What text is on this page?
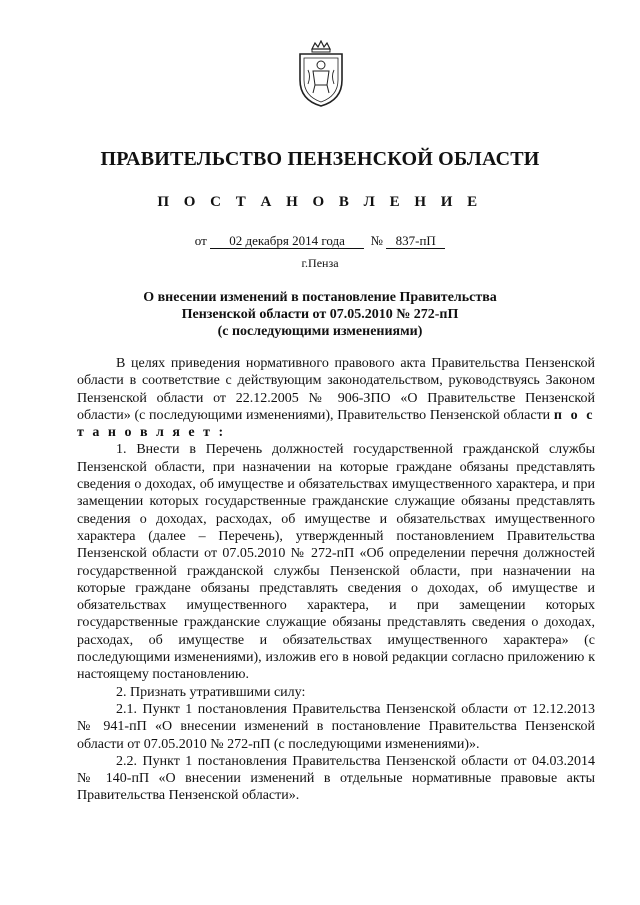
ПРАВИТЕЛЬСТВО ПЕНЗЕНСКОЙ ОБЛАСТИ
П О С Т А Н О В Л Е Н И Е
от 02 декабря 2014 года № 837-пП
г.Пенза
О внесении изменений в постановление Правительства
Пензенской области от 07.05.2010 № 272-пП
(с последующими изменениями)

В целях приведения нормативного правового акта Правительства Пензенской области в соответствие с действующим законодательством, руководствуясь Законом Пензенской области от 22.12.2005 № 906-ЗПО «О Правительстве Пензенской области» (с последующими изменениями), Правительство Пензенской области п о с т а н о в л я е т :

1. Внести в Перечень должностей государственной гражданской службы Пензенской области, при назначении на которые граждане обязаны представлять сведения о доходах, об имуществе и обязательствах имущественного характера, и при замещении которых государственные гражданские служащие обязаны представлять сведения о доходах, расходах, об имуществе и обязательствах имущественного характера (далее – Перечень), утвержденный постановлением Правительства Пензенской области от 07.05.2010 № 272-пП «Об определении перечня должностей государственной гражданской службы Пензенской области, при назначении на которые граждане обязаны представлять сведения о доходах, об имуществе и обязательствах имущественного характера, и при замещении которых государственные гражданские служащие обязаны представлять сведения о доходах, расходах, об имуществе и обязательствах имущественного характера» (с последующими изменениями), изложив его в новой редакции согласно приложению к настоящему постановлению.

2. Признать утратившими силу:

2.1. Пункт 1 постановления Правительства Пензенской области от 12.12.2013 № 941-пП «О внесении изменений в постановление Правительства Пензенской области от 07.05.2010 № 272-пП (с последующими изменениями)».

2.2. Пункт 1 постановления Правительства Пензенской области от 04.03.2014 № 140-пП «О внесении изменений в отдельные нормативные правовые акты Правительства Пензенской области».
